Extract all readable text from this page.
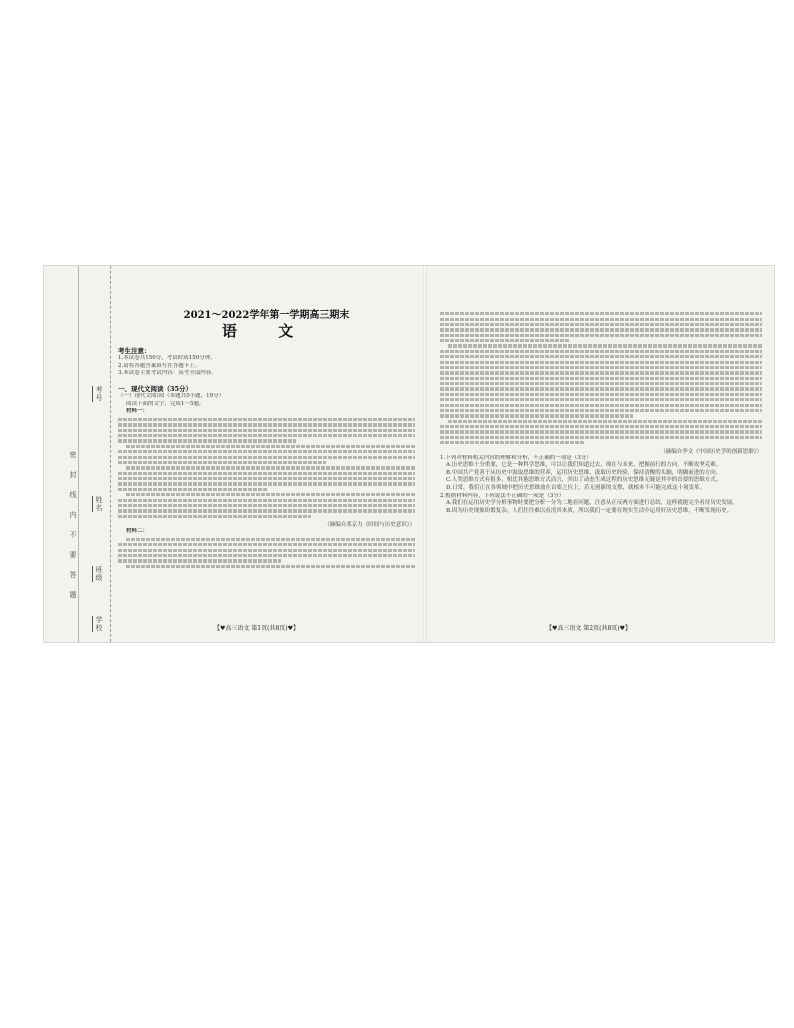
考号
姓名
班级
学校
密
封
线
内
不
要
答
题
2021～2022学年第一学期高三期末
语 文

考生注意：

1.本试卷共150分，考试时间150分钟。

2.请将各题答案填写在答题卡上。

3.本试卷主要考试内容：高考全部内容。

一、现代文阅读（35分）

（一）现代文阅读Ⅰ（本题共5小题，19分）

阅读下面的文字，完成1～5题。

材料一：

（摘编自邓京力《时间与历史意识》）

材料二：

【♥高三语文 第1页(共8页)♥】

（摘编自李文《中国历史学的创新思维》）

1.下列对材料相关内容的理解和分析，不正确的一项是（3分）

A.历史思维十分重要，它是一种科学思维，可以让我们知道过去、现在与未来，把握前行的方向，不断攻坚克难。

B.中国共产党善于从历史中汲取思维的营养，运用历史思维，汲取历史经验，保持清醒的头脑，明确前进的方向。

C.人类思维方式有很多，相比其他思维方式而言，突出了动态生成过程的历史思维无疑是其中的首要的思维方式。

D.日常，我们正在各领域中把历史思维放在首要之位上，若无创新的支撑，就根本不可能完成这十项变革。

2.根据材料内容，下列说法不正确的一项是（3分）

A.我们在运用历史学分析事物时要把分析一分为二地看问题，注意从正反两方面进行总结，这样就能完全看待历史发展。

B.因为历史现象纷繁复杂，人们往往难以看清其本质，所以我们一定要在现实生活中运用好历史思维，不断发现历史。

【♥高三语文 第2页(共8页)♥】
